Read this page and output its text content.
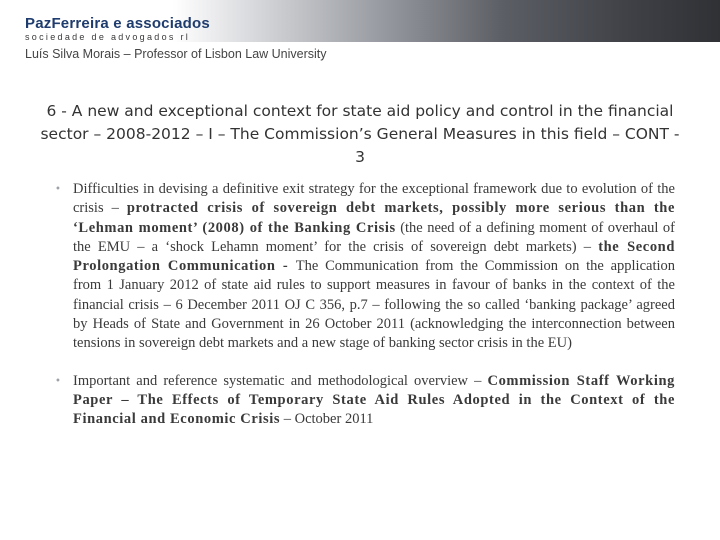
PazFerreira e associados
sociedade de advogados rl
Luís Silva Morais – Professor of Lisbon Law University
6 - A new and exceptional context for state aid policy and control in the financial sector – 2008-2012 – I – The Commission’s General Measures in this field – CONT - 3
• Difficulties in devising a definitive exit strategy for the exceptional framework due to evolution of the crisis – protracted crisis of sovereign debt markets, possibly more serious than the ‘Lehman moment’ (2008) of the Banking Crisis (the need of a defining moment of overhaul of the EMU – a ‘shock Lehamn moment’ for the crisis of sovereign debt markets) – the Second Prolongation Communication - The Communication from the Commission on the application from 1 January 2012 of state aid rules to support measures in favour of banks in the context of the financial crisis – 6 December 2011 OJ C 356, p.7 – following the so called ‘banking package’ agreed by Heads of State and Government in 26 October 2011 (acknowledging the interconnection between tensions in sovereign debt markets and a new stage of banking sector crisis in the EU)
• Important and reference systematic and methodological overview – Commission Staff Working Paper – The Effects of Temporary State Aid Rules Adopted in the Context of the Financial and Economic Crisis – October 2011
